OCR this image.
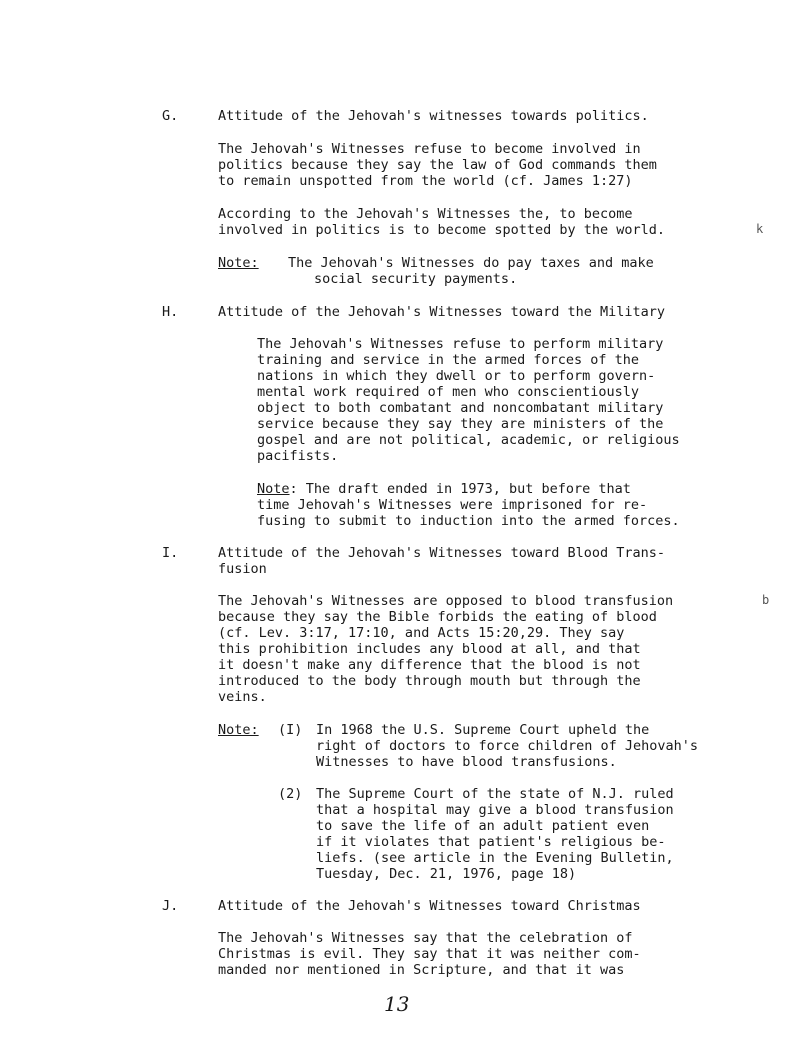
G.	Attitude of the Jehovah's witnesses towards politics.
The Jehovah's Witnesses refuse to become involved in
politics because they say the law of God commands them
to remain unspotted from the world (cf. James 1:27)
According to the Jehovah's Witnesses the, to become
involved in politics is to become spotted by the world.	k
Note: The Jehovah's Witnesses do pay taxes and make
social security payments.
H.	Attitude of the Jehovah's Witnesses toward the Military
The Jehovah's Witnesses refuse to perform military
training and service in the armed forces of the
nations in which they dwell or to perform govern-
mental work required of men who conscientiously
object to both combatant and noncombatant military
service because they say they are ministers of the
gospel and are not political, academic, or religious
pacifists.
Note: The draft ended in 1973, but before that
time Jehovah's Witnesses were imprisoned for re-
fusing to submit to induction into the armed forces.
I.	Attitude of the Jehovah's Witnesses toward Blood Trans-
fusion
The Jehovah's Witnesses are opposed to blood transfusion	b
because they say the Bible forbids the eating of blood
(cf. Lev. 3:17, 17:10, and Acts 15:20,29. They say
this prohibition includes any blood at all, and that
it doesn't make any difference that the blood is not
introduced to the body through mouth but through the
veins.
Note: (I) In 1968 the U.S. Supreme Court upheld the
right of doctors to force children of Jehovah's
Witnesses to have blood transfusions.
(2) The Supreme Court of the state of N.J. ruled
that a hospital may give a blood transfusion
to save the life of an adult patient even
if it violates that patient's religious be-
liefs. (see article in the Evening Bulletin,
Tuesday, Dec. 21, 1976, page 18)
J.	Attitude of the Jehovah's Witnesses toward Christmas
The Jehovah's Witnesses say that the celebration of
Christmas is evil. They say that it was neither com-
manded nor mentioned in Scripture, and that it was
13
